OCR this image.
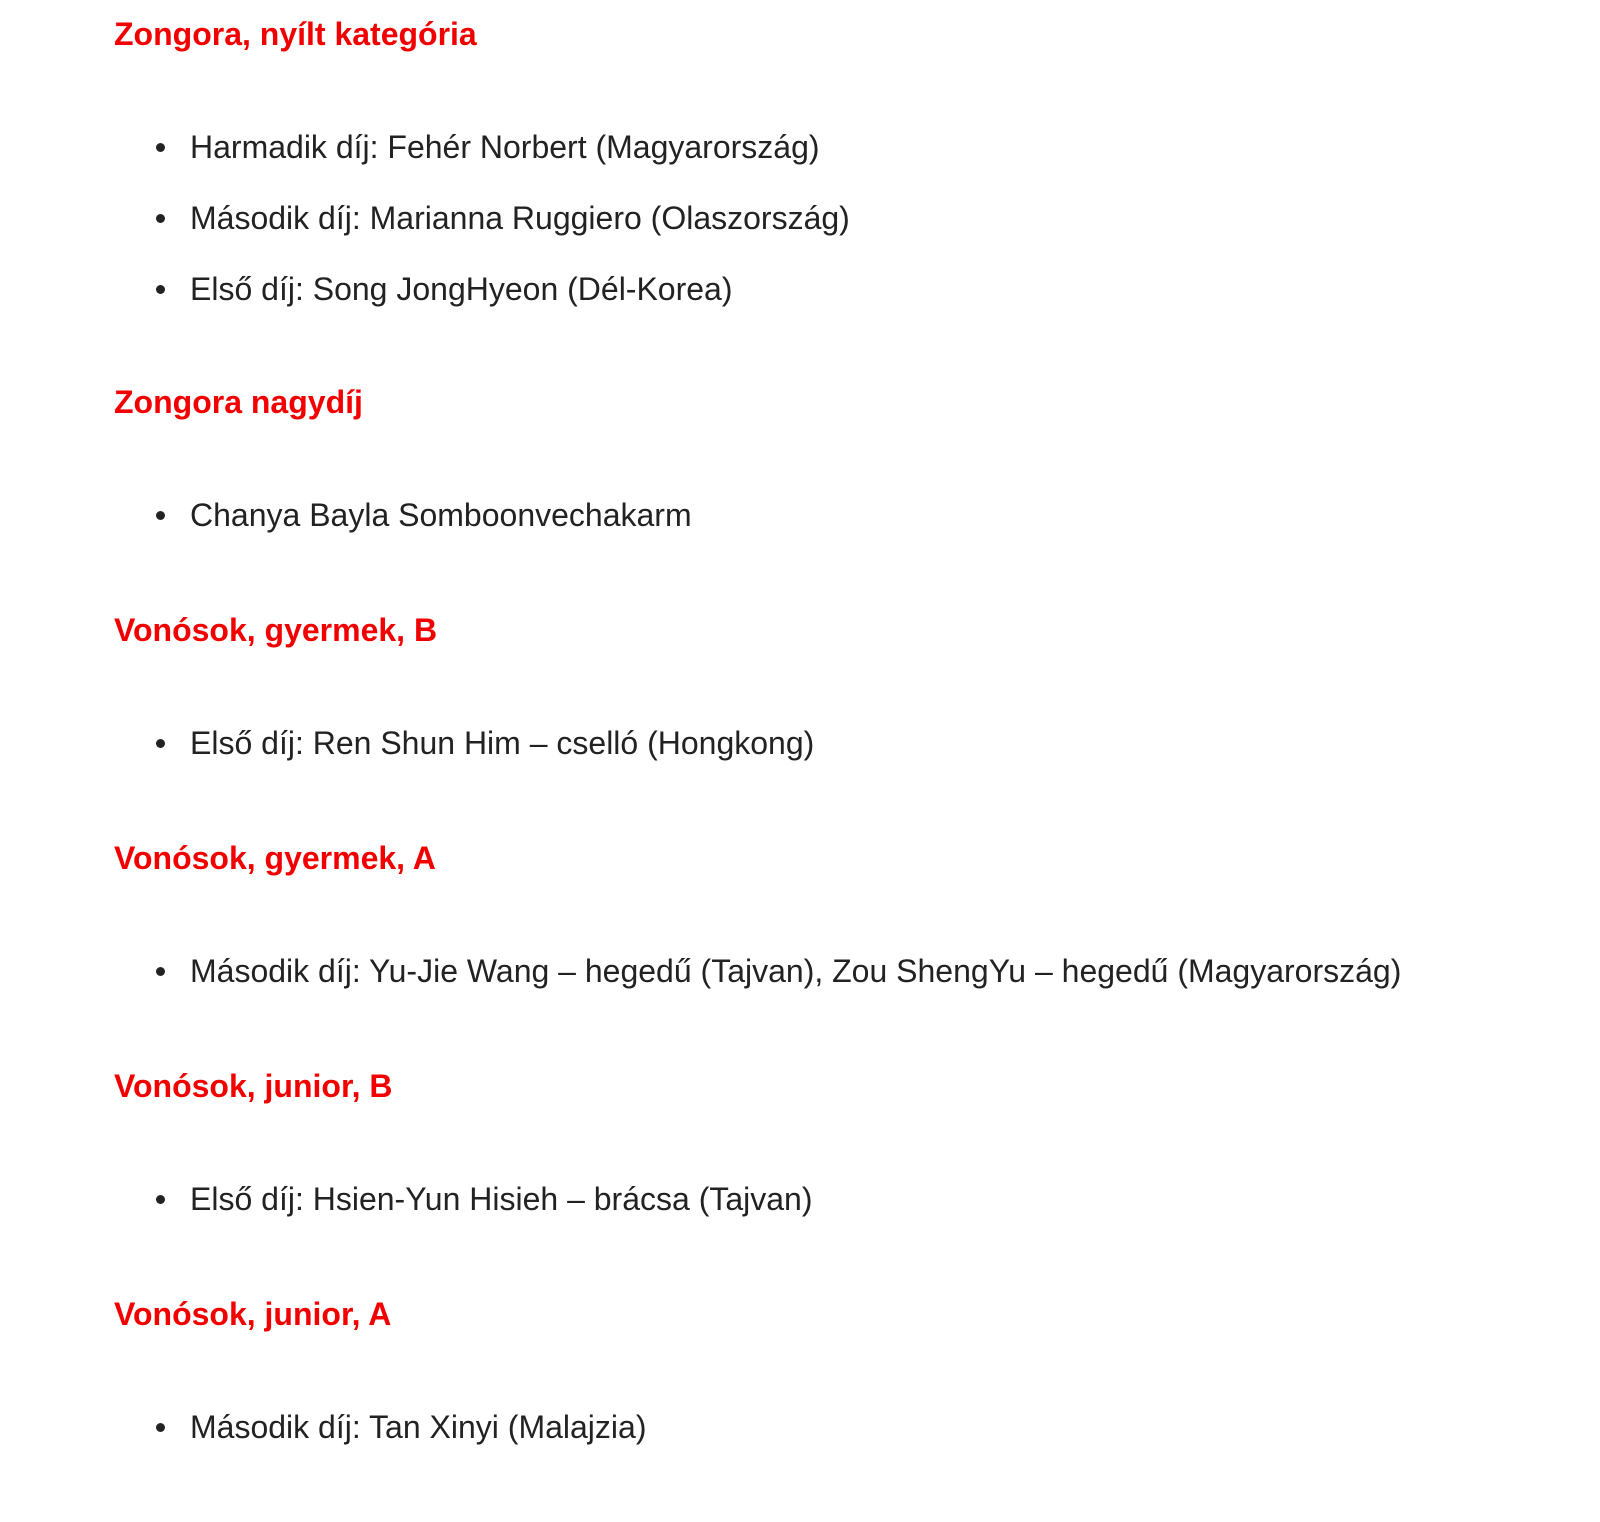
Zongora, nyílt kategória
Harmadik díj: Fehér Norbert (Magyarország)
Második díj: Marianna Ruggiero (Olaszország)
Első díj: Song JongHyeon (Dél-Korea)
Zongora nagydíj
Chanya Bayla Somboonvechakarm
Vonósok, gyermek, B
Első díj: Ren Shun Him – cselló (Hongkong)
Vonósok, gyermek, A
Második díj: Yu-Jie Wang – hegedű (Tajvan), Zou ShengYu – hegedű (Magyarország)
Vonósok, junior, B
Első díj: Hsien-Yun Hisieh – brácsa (Tajvan)
Vonósok, junior, A
Második díj: Tan Xinyi (Malajzia)
